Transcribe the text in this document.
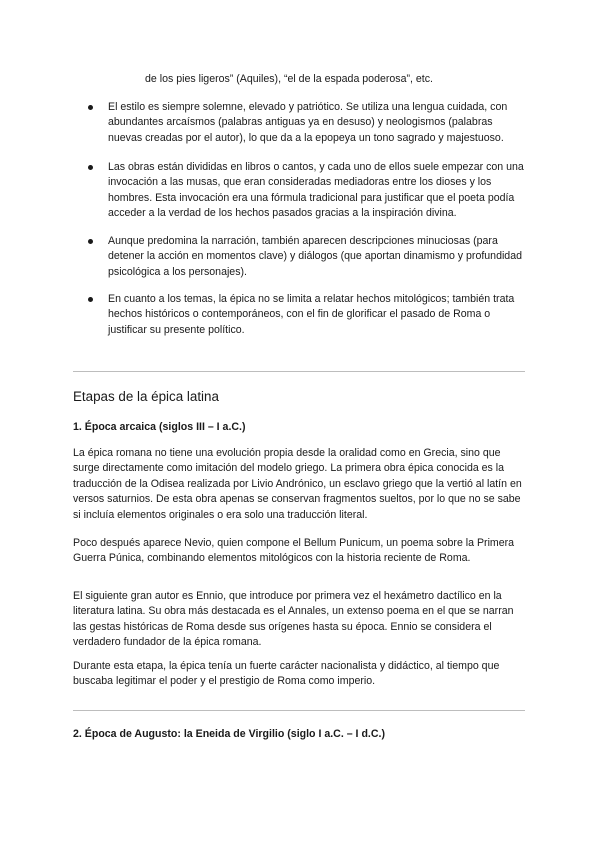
de los pies ligeros” (Aquiles), “el de la espada poderosa”, etc.

El estilo es siempre solemne, elevado y patriótico. Se utiliza una lengua cuidada, con abundantes arcaísmos (palabras antiguas ya en desuso) y neologismos (palabras nuevas creadas por el autor), lo que da a la epopeya un tono sagrado y majestuoso.
Las obras están divididas en libros o cantos, y cada uno de ellos suele empezar con una invocación a las musas, que eran consideradas mediadoras entre los dioses y los hombres. Esta invocación era una fórmula tradicional para justificar que el poeta podía acceder a la verdad de los hechos pasados gracias a la inspiración divina.
Aunque predomina la narración, también aparecen descripciones minuciosas (para detener la acción en momentos clave) y diálogos (que aportan dinamismo y profundidad psicológica a los personajes).
En cuanto a los temas, la épica no se limita a relatar hechos mitológicos; también trata hechos históricos o contemporáneos, con el fin de glorificar el pasado de Roma o justificar su presente político.
Etapas de la épica latina
1. Época arcaica (siglos III – I a.C.)

La épica romana no tiene una evolución propia desde la oralidad como en Grecia, sino que surge directamente como imitación del modelo griego. La primera obra épica conocida es la traducción de la Odisea realizada por Livio Andrónico, un esclavo griego que la vertió al latín en versos saturnios. De esta obra apenas se conservan fragmentos sueltos, por lo que no se sabe si incluía elementos originales o era solo una traducción literal.

Poco después aparece Nevio, quien compone el Bellum Punicum, un poema sobre la Primera Guerra Púnica, combinando elementos mitológicos con la historia reciente de Roma.

El siguiente gran autor es Ennio, que introduce por primera vez el hexámetro dactílico en la literatura latina. Su obra más destacada es el Annales, un extenso poema en el que se narran las gestas históricas de Roma desde sus orígenes hasta su época. Ennio se considera el verdadero fundador de la épica romana.

Durante esta etapa, la épica tenía un fuerte carácter nacionalista y didáctico, al tiempo que buscaba legitimar el poder y el prestigio de Roma como imperio.

2. Época de Augusto: la Eneida de Virgilio (siglo I a.C. – I d.C.)
